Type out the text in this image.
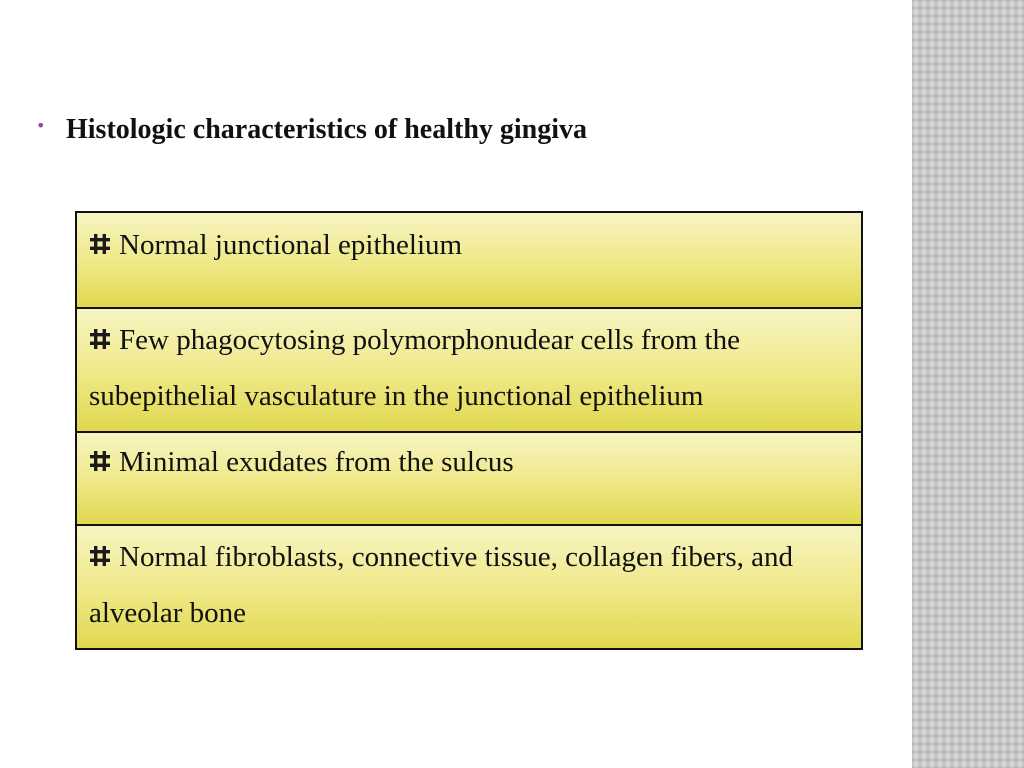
• Histologic characteristics of healthy gingiva
Normal junctional epithelium
Few phagocytosing polymorphonudear cells from the subepithelial vasculature in the junctional epithelium
Minimal exudates from the sulcus
Normal fibroblasts, connective tissue, collagen fibers, and alveolar bone
